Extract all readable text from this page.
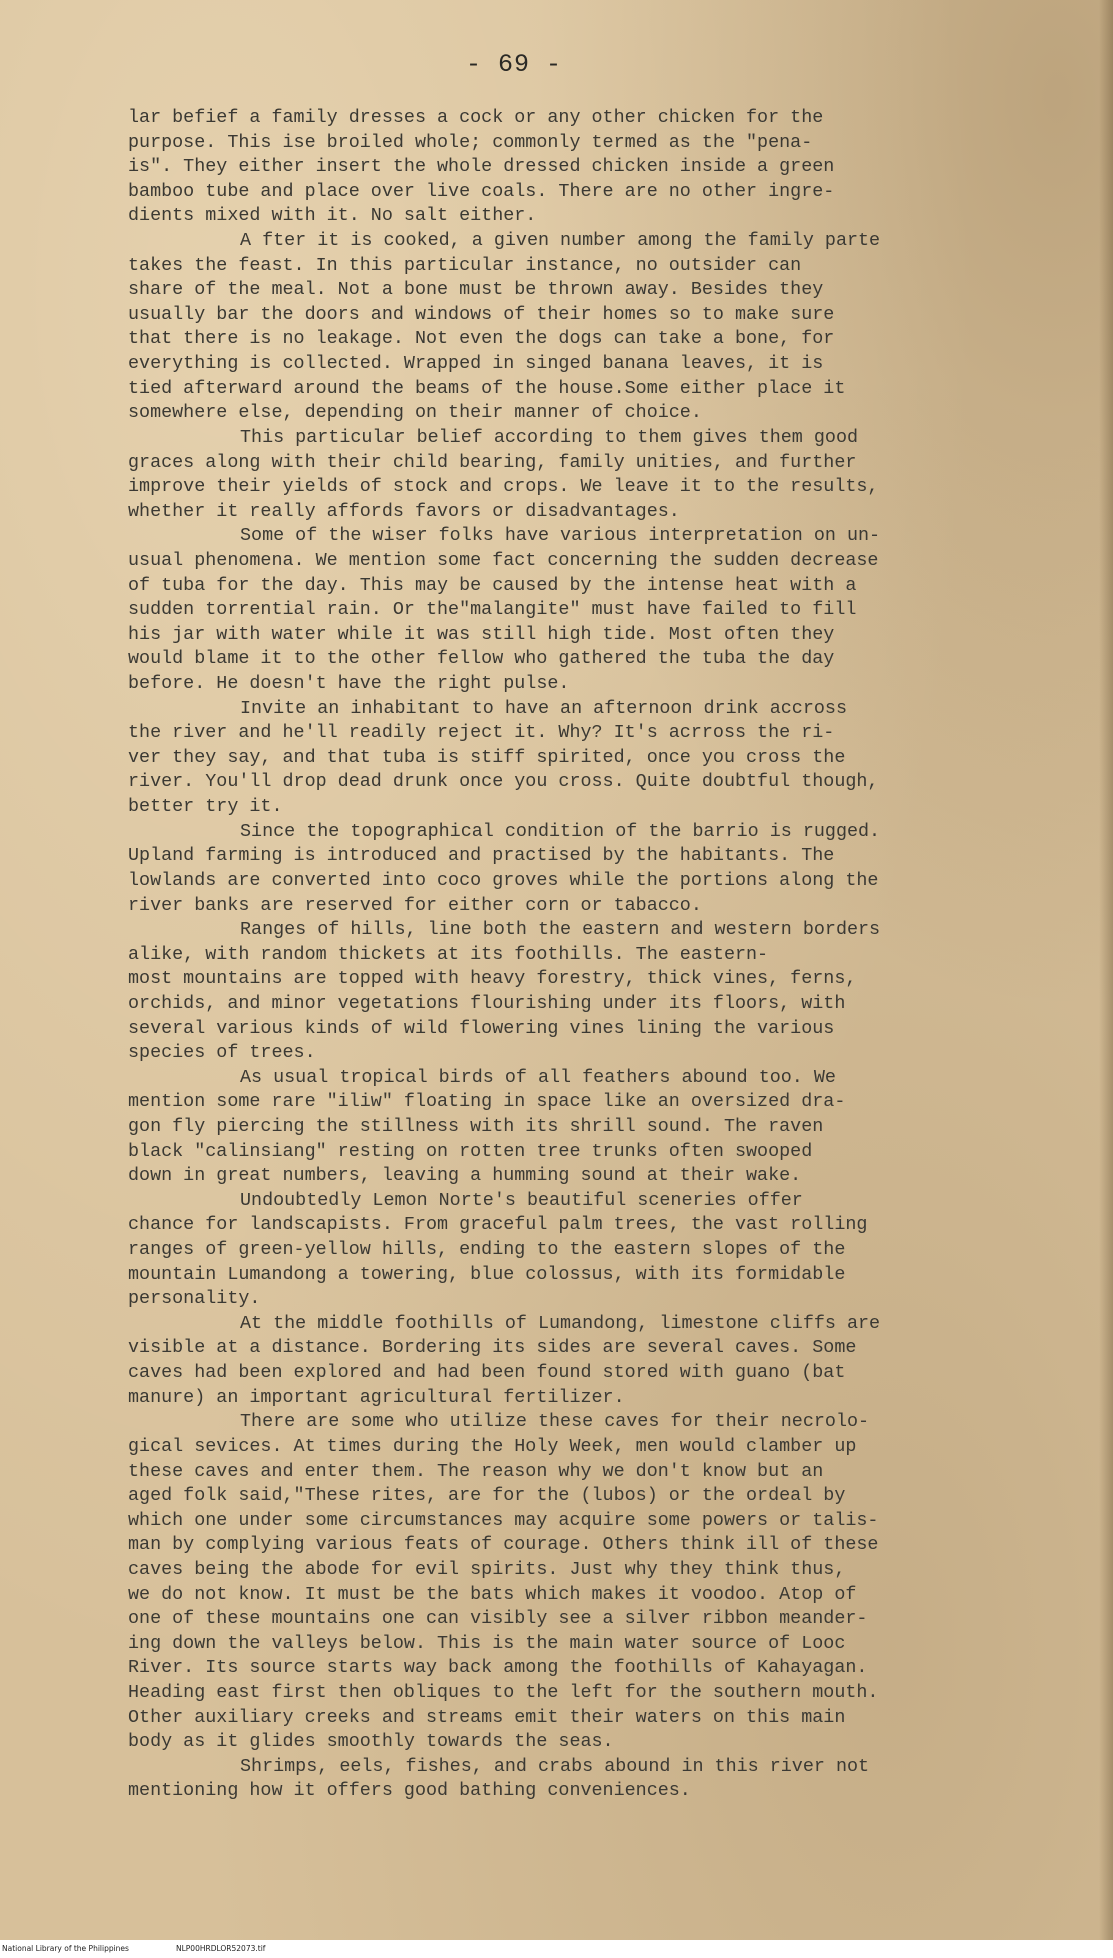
- 69 -
lar befief a family dresses a cock or any other chicken for the
purpose. This ise broiled whole; commonly termed as the "pena-
is". They either insert the whole dressed chicken inside a green
bamboo tube and place over live coals. There are no other ingre-
dients mixed with it. No salt either.
A fter it is cooked, a given number among the family parte
takes the feast. In this particular instance, no outsider can
share of the meal. Not a bone must be thrown away. Besides they
usually bar the doors and windows of their homes so to make sure
that there is no leakage. Not even the dogs can take a bone, for
everything is collected. Wrapped in singed banana leaves, it is
tied afterward around the beams of the house.Some either place it
somewhere else, depending on their manner of choice.
This particular belief according to them gives them good
graces along with their child bearing, family unities, and further
improve their yields of stock and crops. We leave it to the results,
whether it really affords favors or disadvantages.
Some of the wiser folks have various interpretation on un-
usual phenomena. We mention some fact concerning the sudden decrease
of tuba for the day. This may be caused by the intense heat with a
sudden torrential rain. Or the"malangite" must have failed to fill
his jar with water while it was still high tide. Most often they
would blame it to the other fellow who gathered the tuba the day
before. He doesn't have the right pulse.
Invite an inhabitant to have an afternoon drink accross
the river and he'll readily reject it. Why? It's acrross the ri-
ver they say, and that tuba is stiff spirited, once you cross the
river. You'll drop dead drunk once you cross. Quite doubtful though,
better try it.
Since the topographical condition of the barrio is rugged.
Upland farming is introduced and practised by the habitants. The
lowlands are converted into coco groves while the portions along the
river banks are reserved for either corn or tabacco.
Ranges of hills, line both the eastern and western borders
alike, with random thickets at its foothills. The eastern-
most mountains are topped with heavy forestry, thick vines, ferns,
orchids, and minor vegetations flourishing under its floors, with
several various kinds of wild flowering vines lining the various
species of trees.
As usual tropical birds of all feathers abound too. We
mention some rare "iliw" floating in space like an oversized dra-
gon fly piercing the stillness with its shrill sound. The raven
black "calinsiang" resting on rotten tree trunks often swooped
down in great numbers, leaving a humming sound at their wake.
Undoubtedly Lemon Norte's beautiful sceneries offer
chance for landscapists. From graceful palm trees, the vast rolling
ranges of green-yellow hills, ending to the eastern slopes of the
mountain Lumandong a towering, blue colossus, with its formidable
personality.
At the middle foothills of Lumandong, limestone cliffs are
visible at a distance. Bordering its sides are several caves. Some
caves had been explored and had been found stored with guano (bat
manure) an important agricultural fertilizer.
There are some who utilize these caves for their necrolo-
gical sevices. At times during the Holy Week, men would clamber up
these caves and enter them. The reason why we don't know but an
aged folk said,"These rites, are for the (lubos) or the ordeal by
which one under some circumstances may acquire some powers or talis-
man by complying various feats of courage. Others think ill of these
caves being the abode for evil spirits. Just why they think thus,
we do not know. It must be the bats which makes it voodoo. Atop of
one of these mountains one can visibly see a silver ribbon meander-
ing down the valleys below. This is the main water source of Looc
River. Its source starts way back among the foothills of Kahayagan.
Heading east first then obliques to the left for the southern mouth.
Other auxiliary creeks and streams emit their waters on this main
body as it glides smoothly towards the seas.
Shrimps, eels, fishes, and crabs abound in this river not
mentioning how it offers good bathing conveniences.
National Library of the Philippines	NLP00HRDLOR52073.tif
